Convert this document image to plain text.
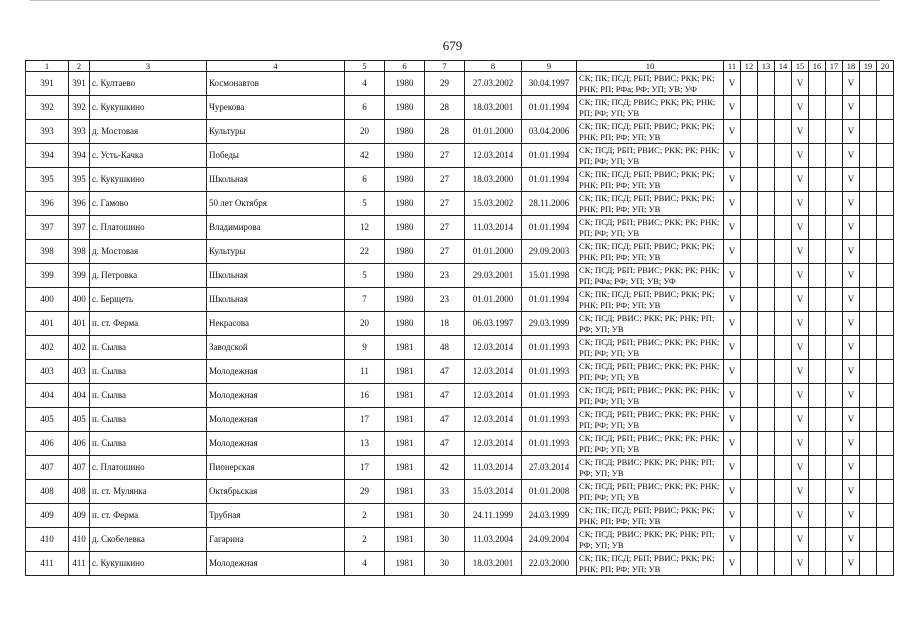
679
1	2	3	4	5	6	7	8	9	10	11	12	13	14	15	16	17	18	19	20
391	391	с. Култаево	Космонавтов	4	1980	29	27.03.2002	30.04.1997	СК; ПК; ПСД; РБП; РВИС; РКК; РК; РНК; РП; РФа; РФ; УП; УВ; УФ	V				V			V		
392	392	с. Кукушкино	Чурекова	6	1980	28	18.03.2001	01.01.1994	СК; ПК; ПСД; РВИС; РКК; РК; РНК; РП; РФ; УП; УВ	V				V			V		
393	393	д. Мостовая	Культуры	20	1980	28	01.01.2000	03.04.2006	СК; ПК; ПСД; РБП; РВИС; РКК; РК; РНК; РП; РФ; УП; УВ	V				V			V		
394	394	с. Усть-Качка	Победы	42	1980	27	12.03.2014	01.01.1994	СК; ПСД; РБП; РВИС; РКК; РК; РНК; РП; РФ; УП; УВ	V				V			V		
395	395	с. Кукушкино	Школьная	6	1980	27	18.03.2000	01.01.1994	СК; ПК; ПСД; РБП; РВИС; РКК; РК; РНК; РП; РФ; УП; УВ	V				V			V		
396	396	с. Гамово	50 лет Октября	5	1980	27	15.03.2002	28.11.2006	СК; ПК; ПСД; РБП; РВИС; РКК; РК; РНК; РП; РФ; УП; УВ	V				V			V		
397	397	с. Платошино	Владимирова	12	1980	27	11.03.2014	01.01.1994	СК; ПСД; РБП; РВИС; РКК; РК; РНК; РП; РФ; УП; УВ	V				V			V		
398	398	д. Мостовая	Культуры	22	1980	27	01.01.2000	29.09.2003	СК; ПК; ПСД; РБП; РВИС; РКК; РК; РНК; РП; РФ; УП; УВ	V				V			V		
399	399	д. Петровка	Школьная	5	1980	23	29.03.2001	15.01.1998	СК; ПСД; РБП; РВИС; РКК; РК; РНК; РП; РФа; РФ; УП; УВ; УФ	V				V			V		
400	400	с. Берщеть	Школьная	7	1980	23	01.01.2000	01.01.1994	СК; ПК; ПСД; РБП; РВИС; РКК; РК; РНК; РП; РФ; УП; УВ	V				V			V		
401	401	п. ст. Ферма	Некрасова	20	1980	18	06.03.1997	29.03.1999	СК; ПСД; РВИС; РКК; РК; РНК; РП; РФ; УП; УВ	V				V			V		
402	402	п. Сылва	Заводской	9	1981	48	12.03.2014	01.01.1993	СК; ПСД; РБП; РВИС; РКК; РК; РНК; РП; РФ; УП; УВ	V				V			V		
403	403	п. Сылва	Молодежная	11	1981	47	12.03.2014	01.01.1993	СК; ПСД; РБП; РВИС; РКК; РК; РНК; РП; РФ; УП; УВ	V				V			V		
404	404	п. Сылва	Молодежная	16	1981	47	12.03.2014	01.01.1993	СК; ПСД; РБП; РВИС; РКК; РК; РНК; РП; РФ; УП; УВ	V				V			V		
405	405	п. Сылва	Молодежная	17	1981	47	12.03.2014	01.01.1993	СК; ПСД; РБП; РВИС; РКК; РК; РНК; РП; РФ; УП; УВ	V				V			V		
406	406	п. Сылва	Молодежная	13	1981	47	12.03.2014	01.01.1993	СК; ПСД; РБП; РВИС; РКК; РК; РНК; РП; РФ; УП; УВ	V				V			V		
407	407	с. Платошино	Пионерская	17	1981	42	11.03.2014	27.03.2014	СК; ПСД; РВИС; РКК; РК; РНК; РП; РФ; УП; УВ	V				V			V		
408	408	п. ст. Мулянка	Октябрьская	29	1981	33	15.03.2014	01.01.2008	СК; ПСД; РБП; РВИС; РКК; РК; РНК; РП; РФ; УП; УВ	V				V			V		
409	409	п. ст. Ферма	Трубная	2	1981	30	24.11.1999	24.03.1999	СК; ПК; ПСД; РБП; РВИС; РКК; РК; РНК; РП; РФ; УП; УВ	V				V			V		
410	410	д. Скобелевка	Гагарина	2	1981	30	11.03.2004	24.09.2004	СК; ПСД; РВИС; РКК; РК; РНК; РП; РФ; УП; УВ	V				V			V		
411	411	с. Кукушкино	Молодежная	4	1981	30	18.03.2001	22.03.2000	СК; ПК; ПСД; РБП; РВИС; РКК; РК; РНК; РП; РФ; УП; УВ	V				V			V		
